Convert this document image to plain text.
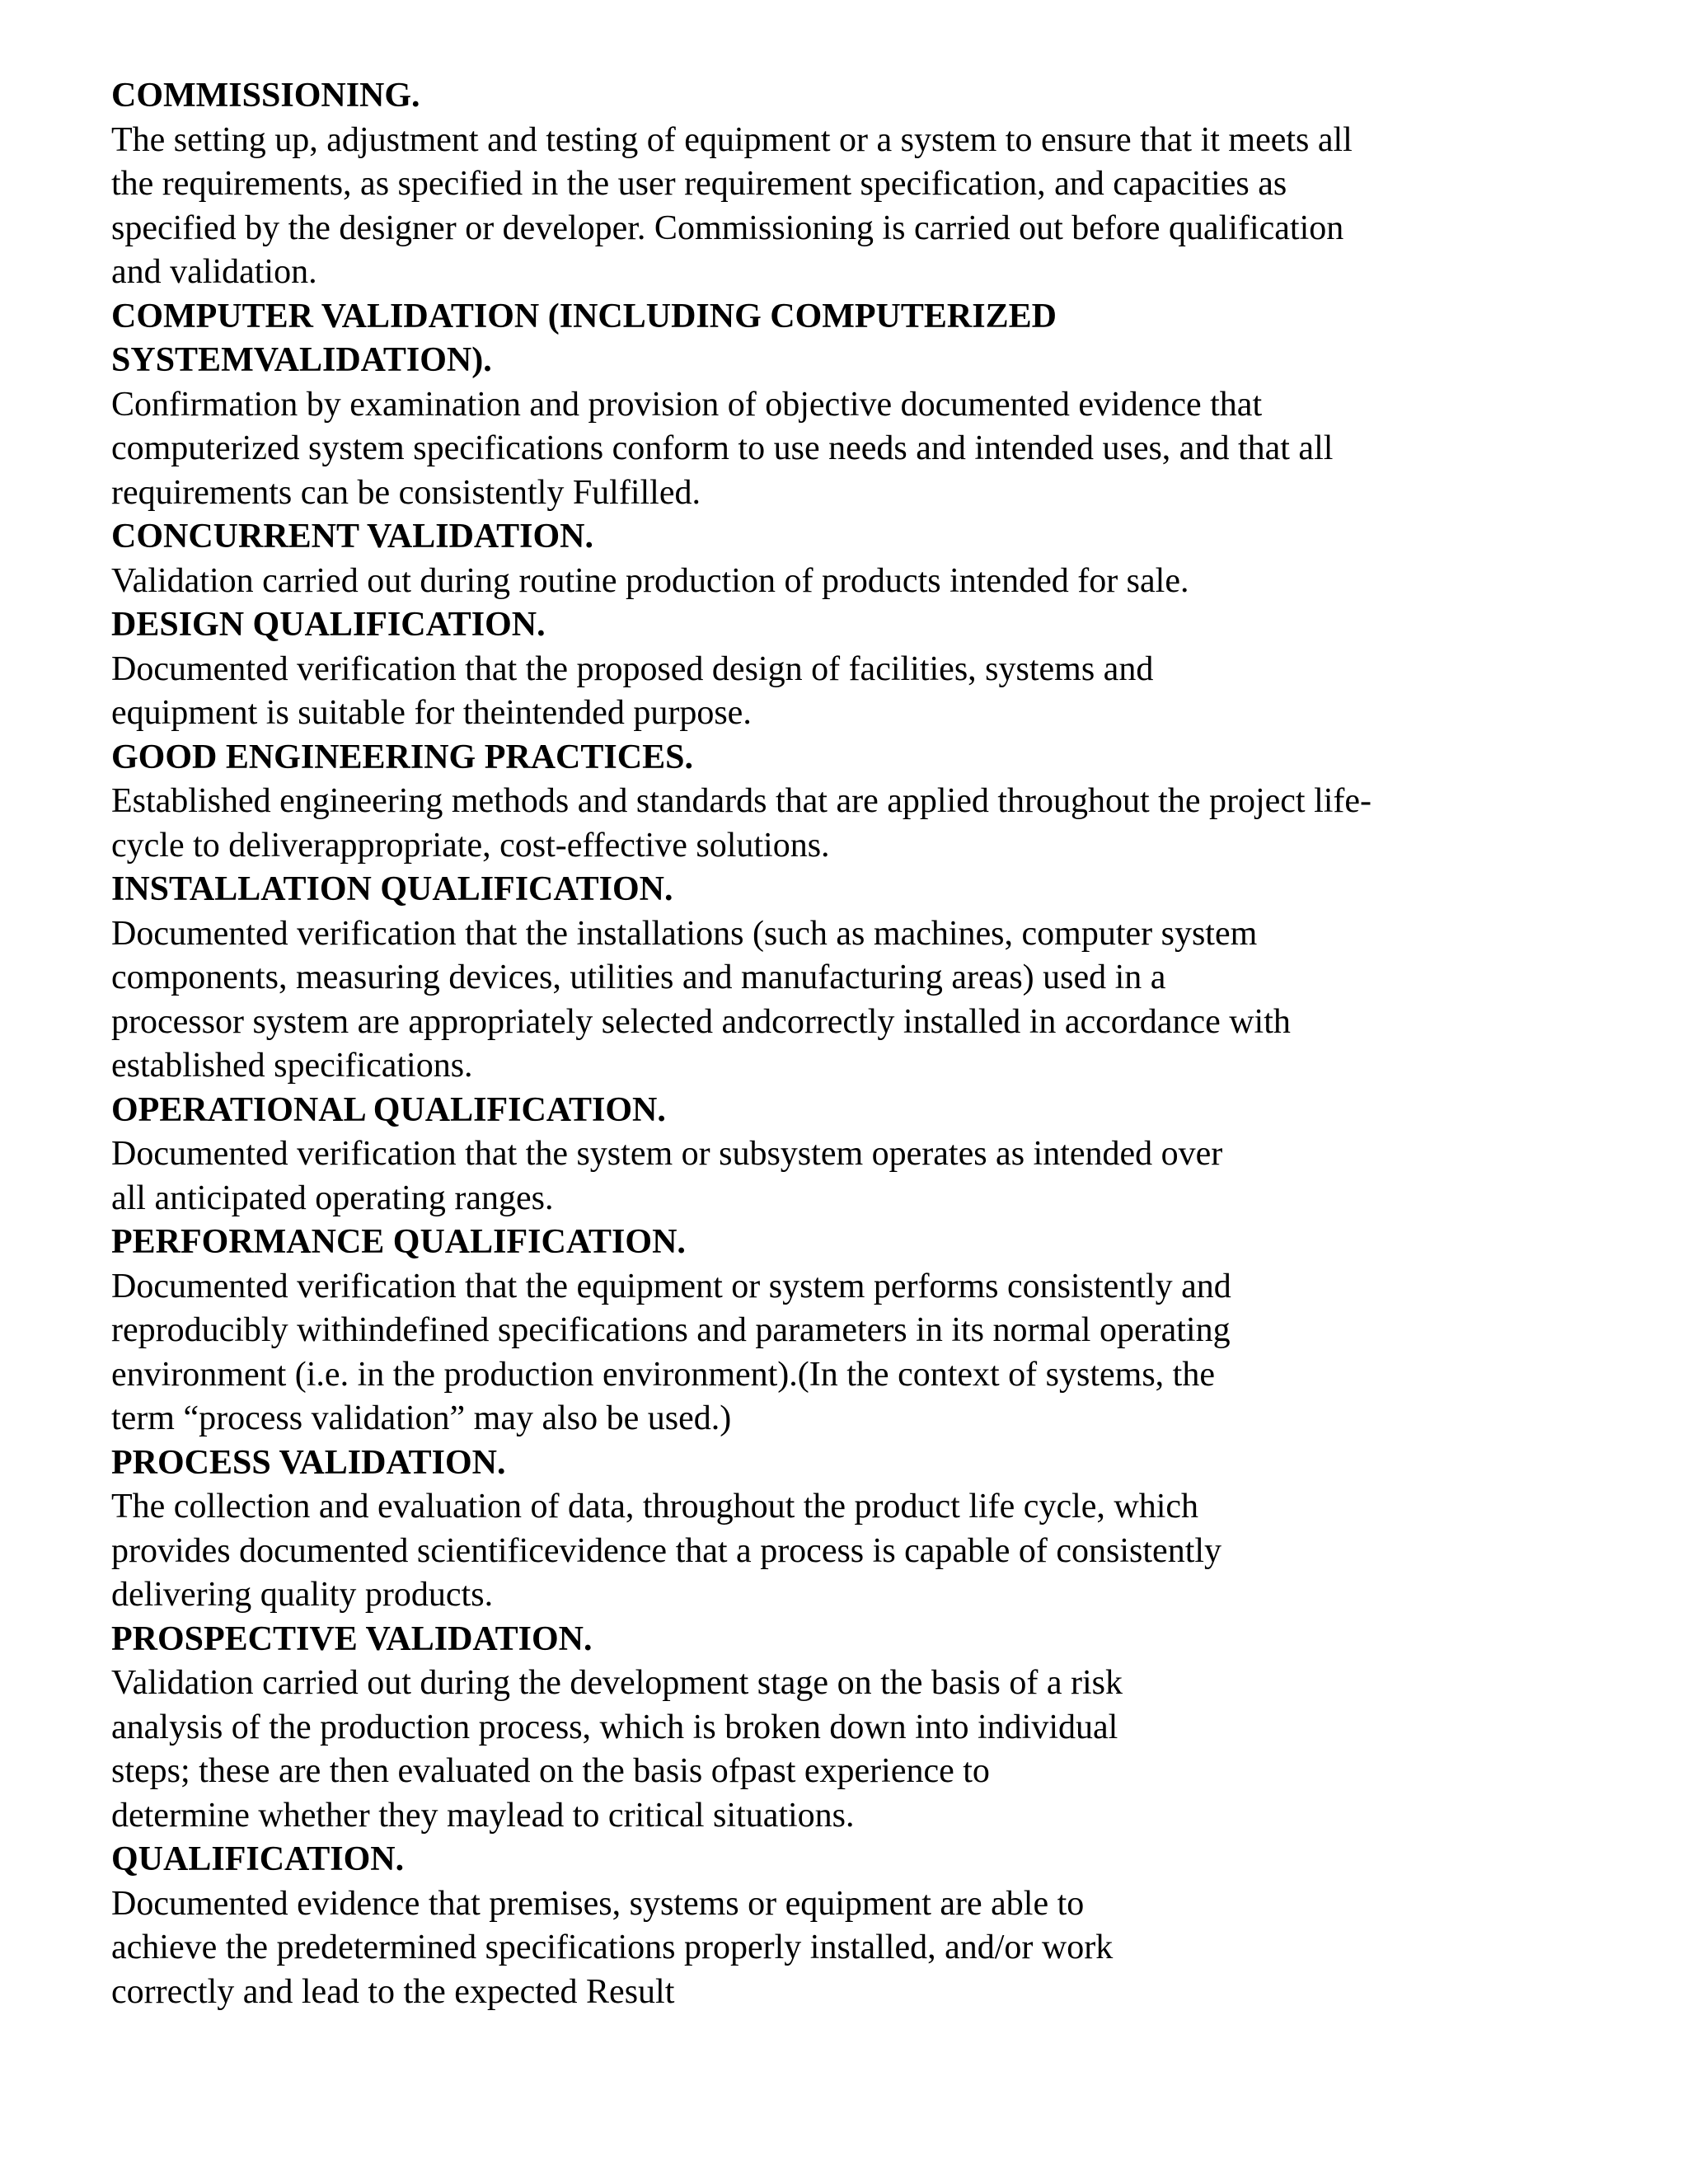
COMMISSIONING.
The setting up, adjustment and testing of equipment or a system to ensure that it meets all
the requirements, as specified in the user requirement specification, and capacities as
specified by the designer or developer. Commissioning is carried out before qualification
and validation.
COMPUTER VALIDATION (INCLUDING COMPUTERIZED
SYSTEMVALIDATION).
Confirmation by examination and provision of objective documented evidence that
computerized system specifications conform to use needs and intended uses, and that all
requirements can be consistently Fulfilled.
CONCURRENT VALIDATION.
Validation carried out during routine production of products intended for sale.
DESIGN QUALIFICATION.
Documented verification that the proposed design of facilities, systems and
equipment is suitable for theintended purpose.
GOOD ENGINEERING PRACTICES.
Established engineering methods and standards that are applied throughout the project life-
cycle to deliverappropriate, cost-effective solutions.
INSTALLATION QUALIFICATION.
Documented verification that the installations (such as machines, computer system
components, measuring devices, utilities and manufacturing areas) used in a
processor system are appropriately selected andcorrectly installed in accordance with
established specifications.
OPERATIONAL QUALIFICATION.
Documented verification that the system or subsystem operates as intended over
all anticipated operating ranges.
PERFORMANCE QUALIFICATION.
Documented verification that the equipment or system performs consistently and
reproducibly withindefined specifications and parameters in its normal operating
environment (i.e. in the production environment).(In the context of systems, the
term “process validation” may also be used.)
PROCESS VALIDATION.
The collection and evaluation of data, throughout the product life cycle, which
provides documented scientificevidence that a process is capable of consistently
delivering quality products.
PROSPECTIVE VALIDATION.
Validation carried out during the development stage on the basis of a risk
analysis of the production process, which is broken down into individual
steps; these are then evaluated on the basis ofpast experience to
determine whether they maylead to critical situations.
QUALIFICATION.
Documented evidence that premises, systems or equipment are able to
achieve the predetermined specifications properly installed, and/or work
correctly and lead to the expected Result
